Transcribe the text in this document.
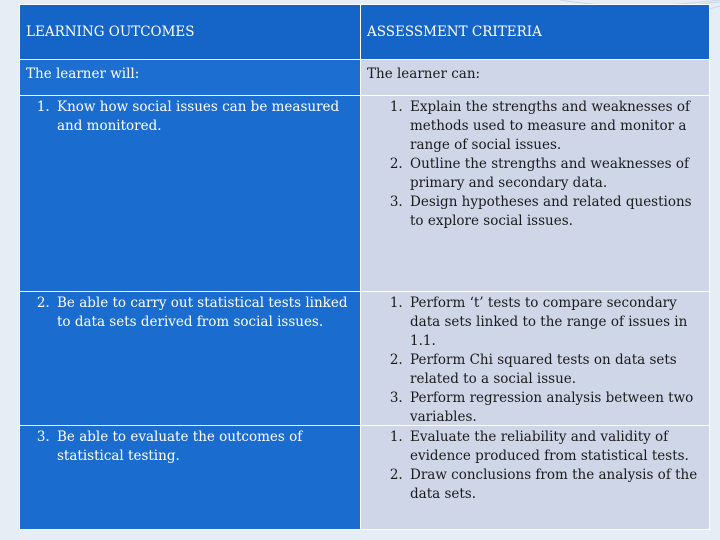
LEARNING OUTCOMES	ASSESSMENT CRITERIA
The learner will:	The learner can:
1. Know how social issues can be measured and monitored.
1. Explain the strengths and weaknesses of methods used to measure and monitor a range of social issues.
2. Outline the strengths and weaknesses of primary and secondary data.
3. Design hypotheses and related questions to explore social issues.
2. Be able to carry out statistical tests linked to data sets derived from social issues.
1. Perform ‘t’ tests to compare secondary data sets linked to the range of issues in 1.1.
2. Perform Chi squared tests on data sets related to a social issue.
3. Perform regression analysis between two variables.
3. Be able to evaluate the outcomes of statistical testing.
1. Evaluate the reliability and validity of evidence produced from statistical tests.
2. Draw conclusions from the analysis of the data sets.
